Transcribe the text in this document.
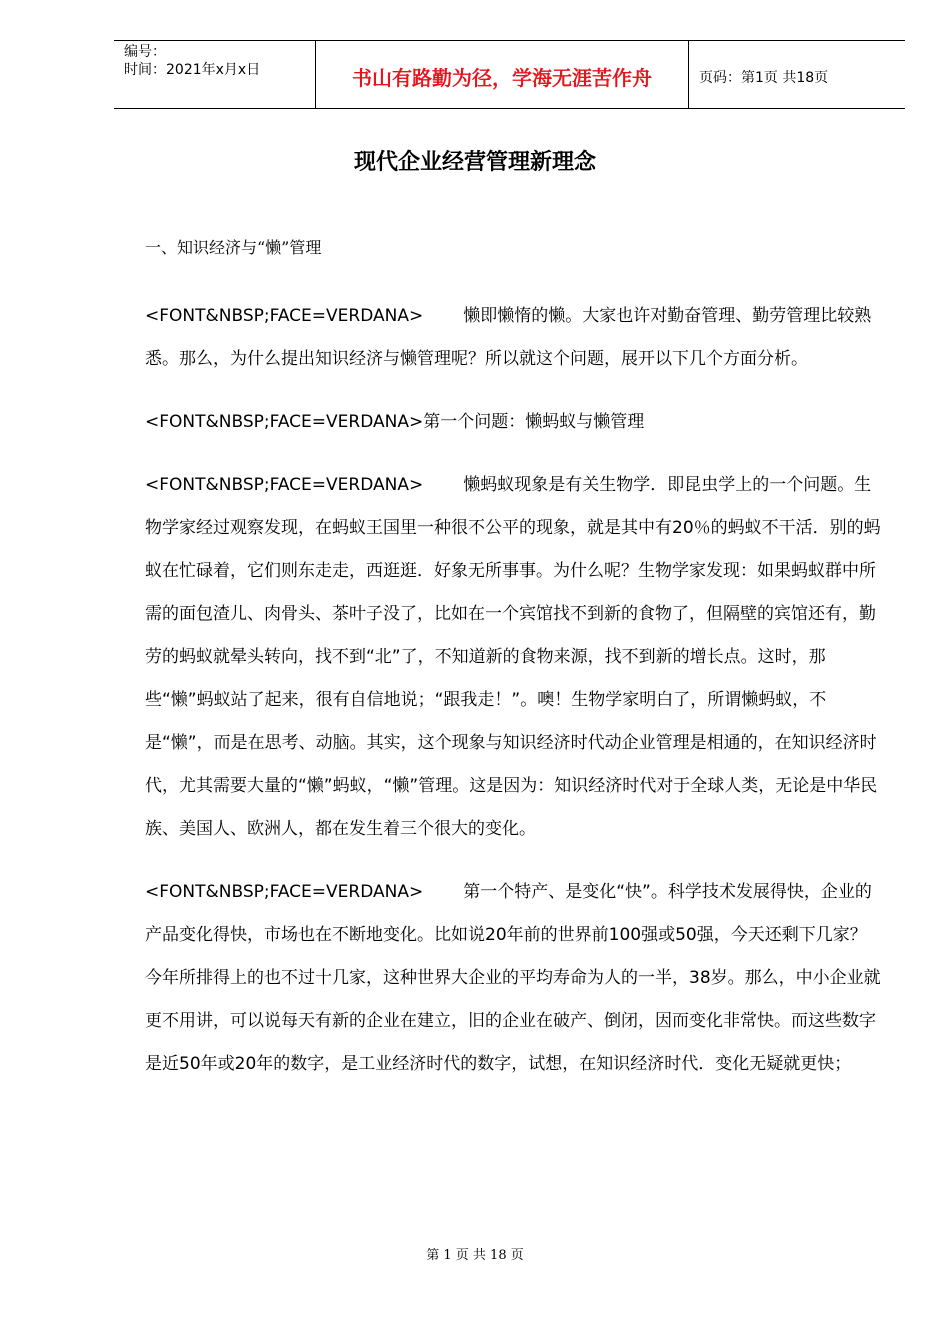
编号：
时间：2021年x月x日	书山有路勤为径，学海无涯苦作舟	页码：第1页 共18页
现代企业经营管理新理念

一、知识经济与“懒”管理

<FONT&NBSP;FACE=VERDANA> 懒即懒惰的懒。大家也许对勤奋管理、勤劳管理比较熟悉。那么，为什么提出知识经济与懒管理呢？所以就这个问题，展开以下几个方面分析。

<FONT&NBSP;FACE=VERDANA>第一个问题：懒蚂蚁与懒管理

<FONT&NBSP;FACE=VERDANA> 懒蚂蚁现象是有关生物学．即昆虫学上的一个问题。生物学家经过观察发现，在蚂蚁王国里一种很不公平的现象，就是其中有20％的蚂蚁不干活．别的蚂蚁在忙碌着，它们则东走走，西逛逛．好象无所事事。为什么呢？生物学家发现：如果蚂蚁群中所需的面包渣儿、肉骨头、茶叶子没了，比如在一个宾馆找不到新的食物了，但隔壁的宾馆还有，勤劳的蚂蚁就晕头转向，找不到“北”了，不知道新的食物来源，找不到新的增长点。这时，那些“懒”蚂蚁站了起来，很有自信地说；“跟我走！”。噢！生物学家明白了，所谓懒蚂蚁，不是“懒”，而是在思考、动脑。其实，这个现象与知识经济时代动企业管理是相通的，在知识经济时代，尤其需要大量的“懒”蚂蚁，“懒”管理。这是因为：知识经济时代对于全球人类，无论是中华民族、美国人、欧洲人，都在发生着三个很大的变化。

<FONT&NBSP;FACE=VERDANA> 第一个特产、是变化“快”。科学技术发展得快，企业的产品变化得快，市场也在不断地变化。比如说20年前的世界前100强或50强，今天还剩下几家？今年所排得上的也不过十几家，这种世界大企业的平均寿命为人的一半，38岁。那么，中小企业就更不用讲，可以说每天有新的企业在建立，旧的企业在破产、倒闭，因而变化非常快。而这些数字是近50年或20年的数字，是工业经济时代的数字，试想，在知识经济时代．变化无疑就更快；

第 1 页 共 18 页
